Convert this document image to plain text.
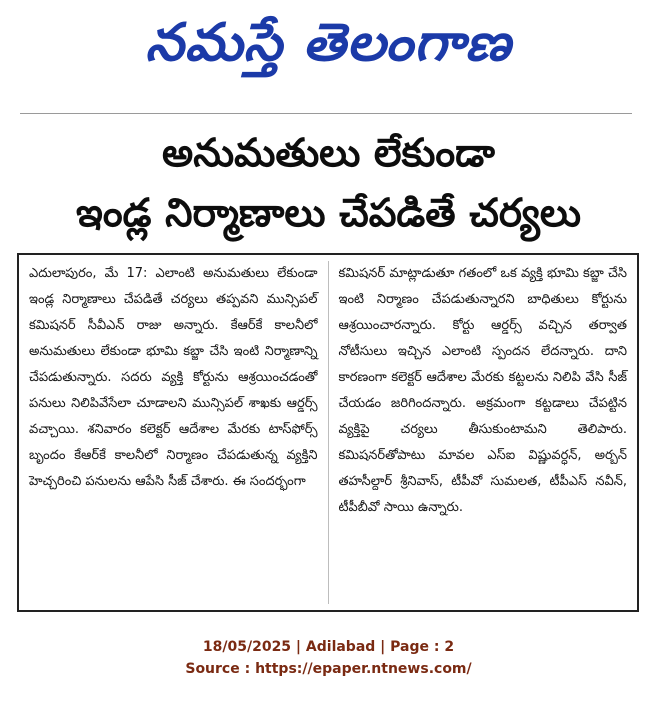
నమస్తే తెలంగాణ
అనుమతులు లేకుండా
ఇండ్ల నిర్మాణాలు చేపడితే చర్యలు

ఎదులాపురం, మే 17: ఎలాంటి అనుమతులు లేకుండా ఇండ్ల నిర్మాణాలు చేపడితే చర్యలు తప్పవని మున్సిపల్ కమిషనర్ సీవీఎన్ రాజు అన్నారు. కేఆర్‌కే కాలనీలో అనుమతులు లేకుండా భూమి కబ్జా చేసి ఇంటి నిర్మాణాన్ని చేపడుతున్నారు. సదరు వ్యక్తి కోర్టును ఆశ్రయించడంతో పనులు నిలిపివేసేలా చూడాలని మున్సిపల్ శాఖకు ఆర్డర్స్ వచ్చాయి. శనివారం కలెక్టర్ ఆదేశాల మేరకు టాస్‌ఫోర్స్ బృందం కేఆర్‌కే కాలనీలో నిర్మాణం చేపడుతున్న వ్యక్తిని హెచ్చరించి పనులను ఆపేసి సీజ్ చేశారు. ఈ సందర్భంగా

కమిషనర్ మాట్లాడుతూ గతంలో ఒక వ్యక్తి భూమి కబ్జా చేసి ఇంటి నిర్మాణం చేపడుతున్నారని బాధితులు కోర్టును ఆశ్రయించారన్నారు. కోర్టు ఆర్డర్స్ వచ్చిన తర్వాత నోటీసులు ఇచ్చిన ఎలాంటి స్పందన లేదన్నారు. దాని కారణంగా కలెక్టర్ ఆదేశాల మేరకు కట్టలను నిలిపి వేసి సీజ్ చేయడం జరిగిందన్నారు. అక్రమంగా కట్టడాలు చేపట్టిన వ్యక్తిపై చర్యలు తీసుకుంటామని తెలిపారు. కమిషనర్‌తోపాటు మావల ఎస్ఐ విష్ణువర్ధన్, అర్బన్ తహసీల్దార్ శ్రీనివాస్, టీపీవో సుమలత, టీపీఎస్ నవీన్, టీపీబీవో సాయి ఉన్నారు.

18/05/2025 | Adilabad | Page : 2
Source : https://epaper.ntnews.com/
